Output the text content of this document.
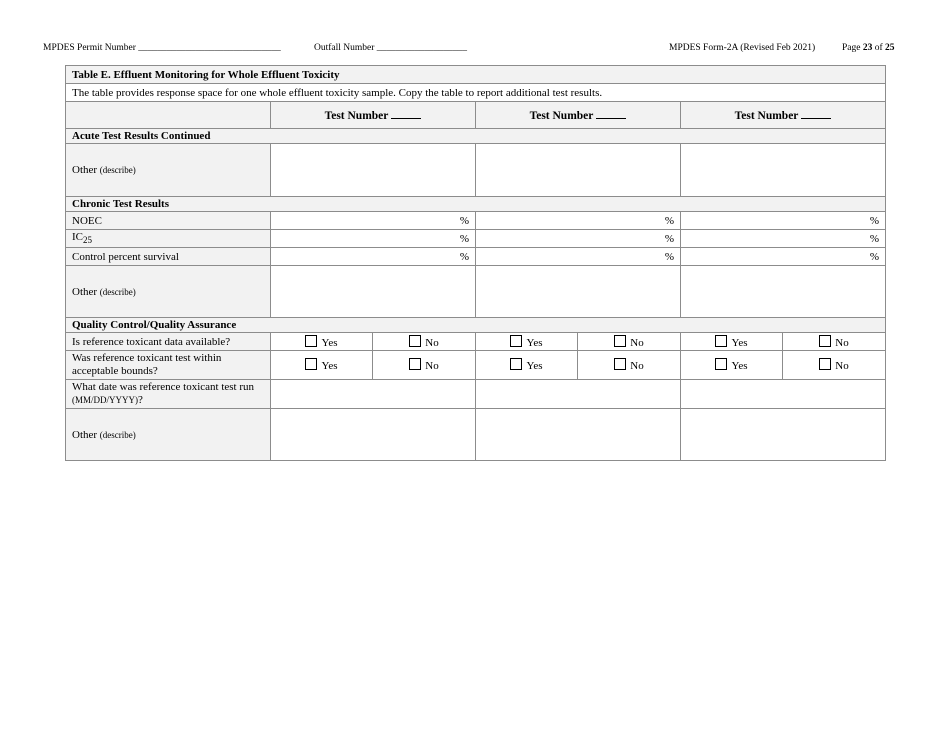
MPDES Permit Number ______________________________	Outfall Number ___________________	MPDES Form-2A (Revised Feb 2021)	Page 23 of 25
Table E. Effluent Monitoring for Whole Effluent Toxicity						
The table provides response space for one whole effluent toxicity sample. Copy the table to report additional test results.						
	Test Number		Test Number		Test Number	
Acute Test Results Continued						
Other (describe)						
Chronic Test Results						
NOEC	%		%		%	
$IC_{25}$	%		%		%	
Control percent survival	%		%		%	
Other (describe)						
Quality Control/Quality Assurance						
Is reference toxicant data available?	Yes	No	Yes	No	Yes	No
Was reference toxicant test within acceptable bounds?	Yes	No	Yes	No	Yes	No
What date was reference toxicant test run (MM/DD/YYYY)?						
Other (describe)						
